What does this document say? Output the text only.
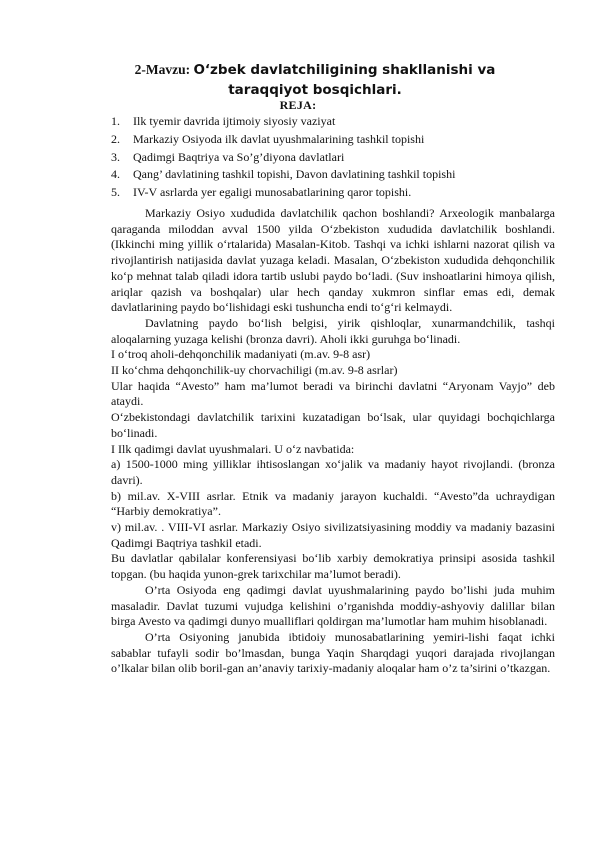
2-Mavzu: O‘zbek davlatchiligining shakllanishi va taraqqiyot bosqichlari.
REJA:
1.	Ilk tyemir davrida ijtimoiy siyosiy vaziyat
2.	Markaziy Osiyoda ilk davlat uyushmalarining tashkil topishi
3.	Qadimgi Baqtriya va So’g’diyona davlatlari
4.	Qang’ davlatining tashkil topishi, Davon davlatining tashkil topishi
5.	IV-V asrlarda yer egaligi munosabatlarining qaror topishi.

Markaziy Osiyo xududida davlatchilik qachon boshlandi? Arxeologik manbalarga qaraganda miloddan avval 1500 yilda O‘zbekiston xududida davlatchilik boshlandi. (Ikkinchi ming yillik o‘rtalarida) Masalan-Kitob. Tashqi va ichki ishlarni nazorat qilish va rivojlantirish natijasida davlat yuzaga keladi. Masalan, O‘zbekiston xududida dehqonchilik ko‘p mehnat talab qiladi idora tartib uslubi paydo bo‘ladi. (Suv inshoatlarini himoya qilish, ariqlar qazish va boshqalar) ular hech qanday xukmron sinflar emas edi, demak davlatlarining paydo bo‘lishidagi eski tushuncha endi to‘g‘ri kelmaydi.

Davlatning paydo bo‘lish belgisi, yirik qishloqlar, xunarmandchilik, tashqi aloqalarning yuzaga kelishi (bronza davri). Aholi ikki guruhga bo‘linadi.

I o‘troq aholi-dehqonchilik madaniyati (m.av. 9-8 asr)

II ko‘chma dehqonchilik-uy chorvachiligi (m.av. 9-8 asrlar)

Ular haqida “Avesto” ham ma’lumot beradi va birinchi davlatni “Aryonam Vayjo” deb ataydi.

O‘zbekistondagi davlatchilik tarixini kuzatadigan bo‘lsak, ular quyidagi bochqichlarga bo‘linadi.

I Ilk qadimgi davlat uyushmalari. U o‘z navbatida:

a) 1500-1000 ming yilliklar ihtisoslangan xo‘jalik va madaniy hayot rivojlandi. (bronza davri).

b) mil.av. X-VIII asrlar. Etnik va madaniy jarayon kuchaldi. “Avesto”da uchraydigan “Harbiy demokratiya”.

v) mil.av. . VIII-VI asrlar. Markaziy Osiyo sivilizatsiyasining moddiy va madaniy bazasini Qadimgi Baqtriya tashkil etadi.

Bu davlatlar qabilalar konferensiyasi bo‘lib xarbiy demokratiya prinsipi asosida tashkil topgan. (bu haqida yunon-grek tarixchilar ma’lumot beradi).

O’rta Osiyoda eng qadimgi davlat uyushmalarining paydo bo’lishi juda muhim masaladir. Davlat tuzumi vujudga kelishini o’rganishda moddiy-ashyoviy dalillar bilan birga Avesto va qadimgi dunyo mualliflari qoldirgan ma’lumotlar ham muhim hisoblanadi.

O’rta Osiyoning janubida ibtidoiy munosabatlarining yemiri-lishi faqat ichki sabablar tufayli sodir bo’lmasdan, bunga Yaqin Sharqdagi yuqori darajada rivojlangan o’lkalar bilan olib boril-gan an’anaviy tarixiy-madaniy aloqalar ham o’z ta’sirini o’tkazgan.
